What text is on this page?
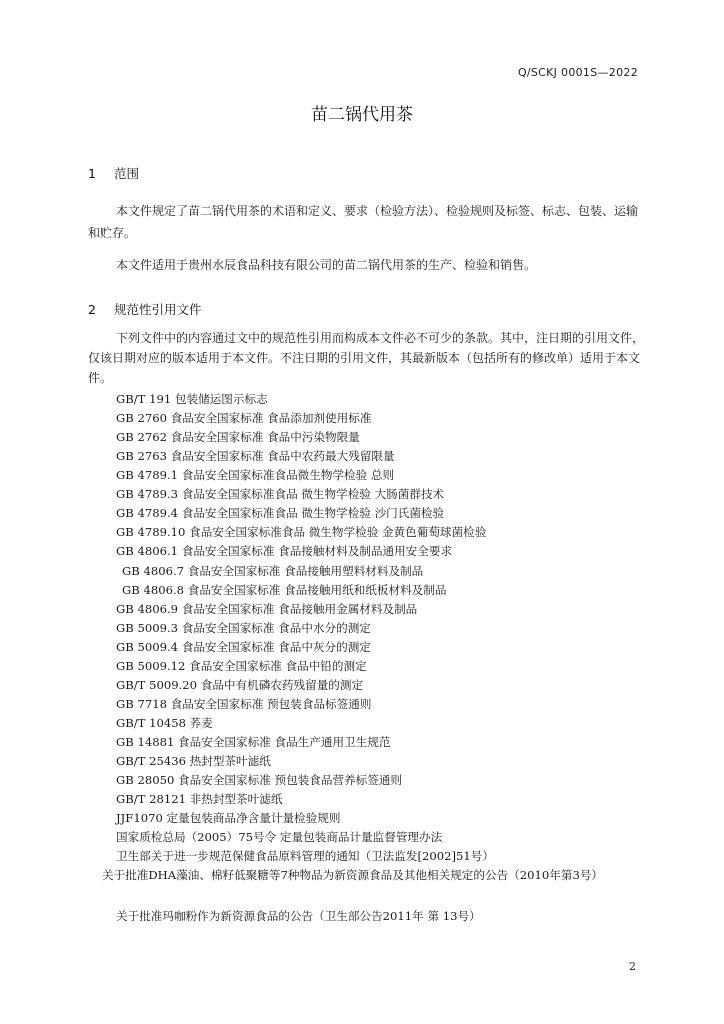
Q/SCKJ 0001S—2022
苗二锅代用茶
1 范围
本文件规定了苗二锅代用茶的术语和定义、要求（检验方法）、检验规则及标签、标志、包装、运输和贮存。
本文件适用于贵州水辰食品科技有限公司的苗二锅代用茶的生产、检验和销售。
2 规范性引用文件
下列文件中的内容通过文中的规范性引用而构成本文件必不可少的条款。其中，注日期的引用文件，仅该日期对应的版本适用于本文件。不注日期的引用文件，其最新版本（包括所有的修改单）适用于本文件。
GB/T 191 包装储运图示标志
GB 2760 食品安全国家标准 食品添加剂使用标准
GB 2762 食品安全国家标准 食品中污染物限量
GB 2763 食品安全国家标准 食品中农药最大残留限量
GB 4789.1 食品安全国家标准食品微生物学检验 总则
GB 4789.3 食品安全国家标准食品 微生物学检验 大肠菌群技术
GB 4789.4 食品安全国家标准食品 微生物学检验 沙门氏菌检验
GB 4789.10 食品安全国家标准食品 微生物学检验 金黄色葡萄球菌检验
GB 4806.1 食品安全国家标准 食品接触材料及制品通用安全要求
GB 4806.7 食品安全国家标准 食品接触用塑料材料及制品
GB 4806.8 食品安全国家标准 食品接触用纸和纸板材料及制品
GB 4806.9 食品安全国家标准 食品接触用金属材料及制品
GB 5009.3 食品安全国家标准 食品中水分的测定
GB 5009.4 食品安全国家标准 食品中灰分的测定
GB 5009.12 食品安全国家标准 食品中铅的测定
GB/T 5009.20 食品中有机磷农药残留量的测定
GB 7718 食品安全国家标准 预包装食品标签通则
GB/T 10458 荞麦
GB 14881 食品安全国家标准 食品生产通用卫生规范
GB/T 25436 热封型茶叶滤纸
GB 28050 食品安全国家标准 预包装食品营养标签通则
GB/T 28121 非热封型茶叶滤纸
JJF1070 定量包装商品净含量计量检验规则
国家质检总局（2005）75号令 定量包装商品计量监督管理办法
卫生部关于进一步规范保健食品原料管理的通知（卫法监发[2002]51号）
关于批准DHA藻油、棉籽低聚糖等7种物品为新资源食品及其他相关规定的公告（2010年第3号）
关于批准玛咖粉作为新资源食品的公告（卫生部公告2011年 第 13号）
2
